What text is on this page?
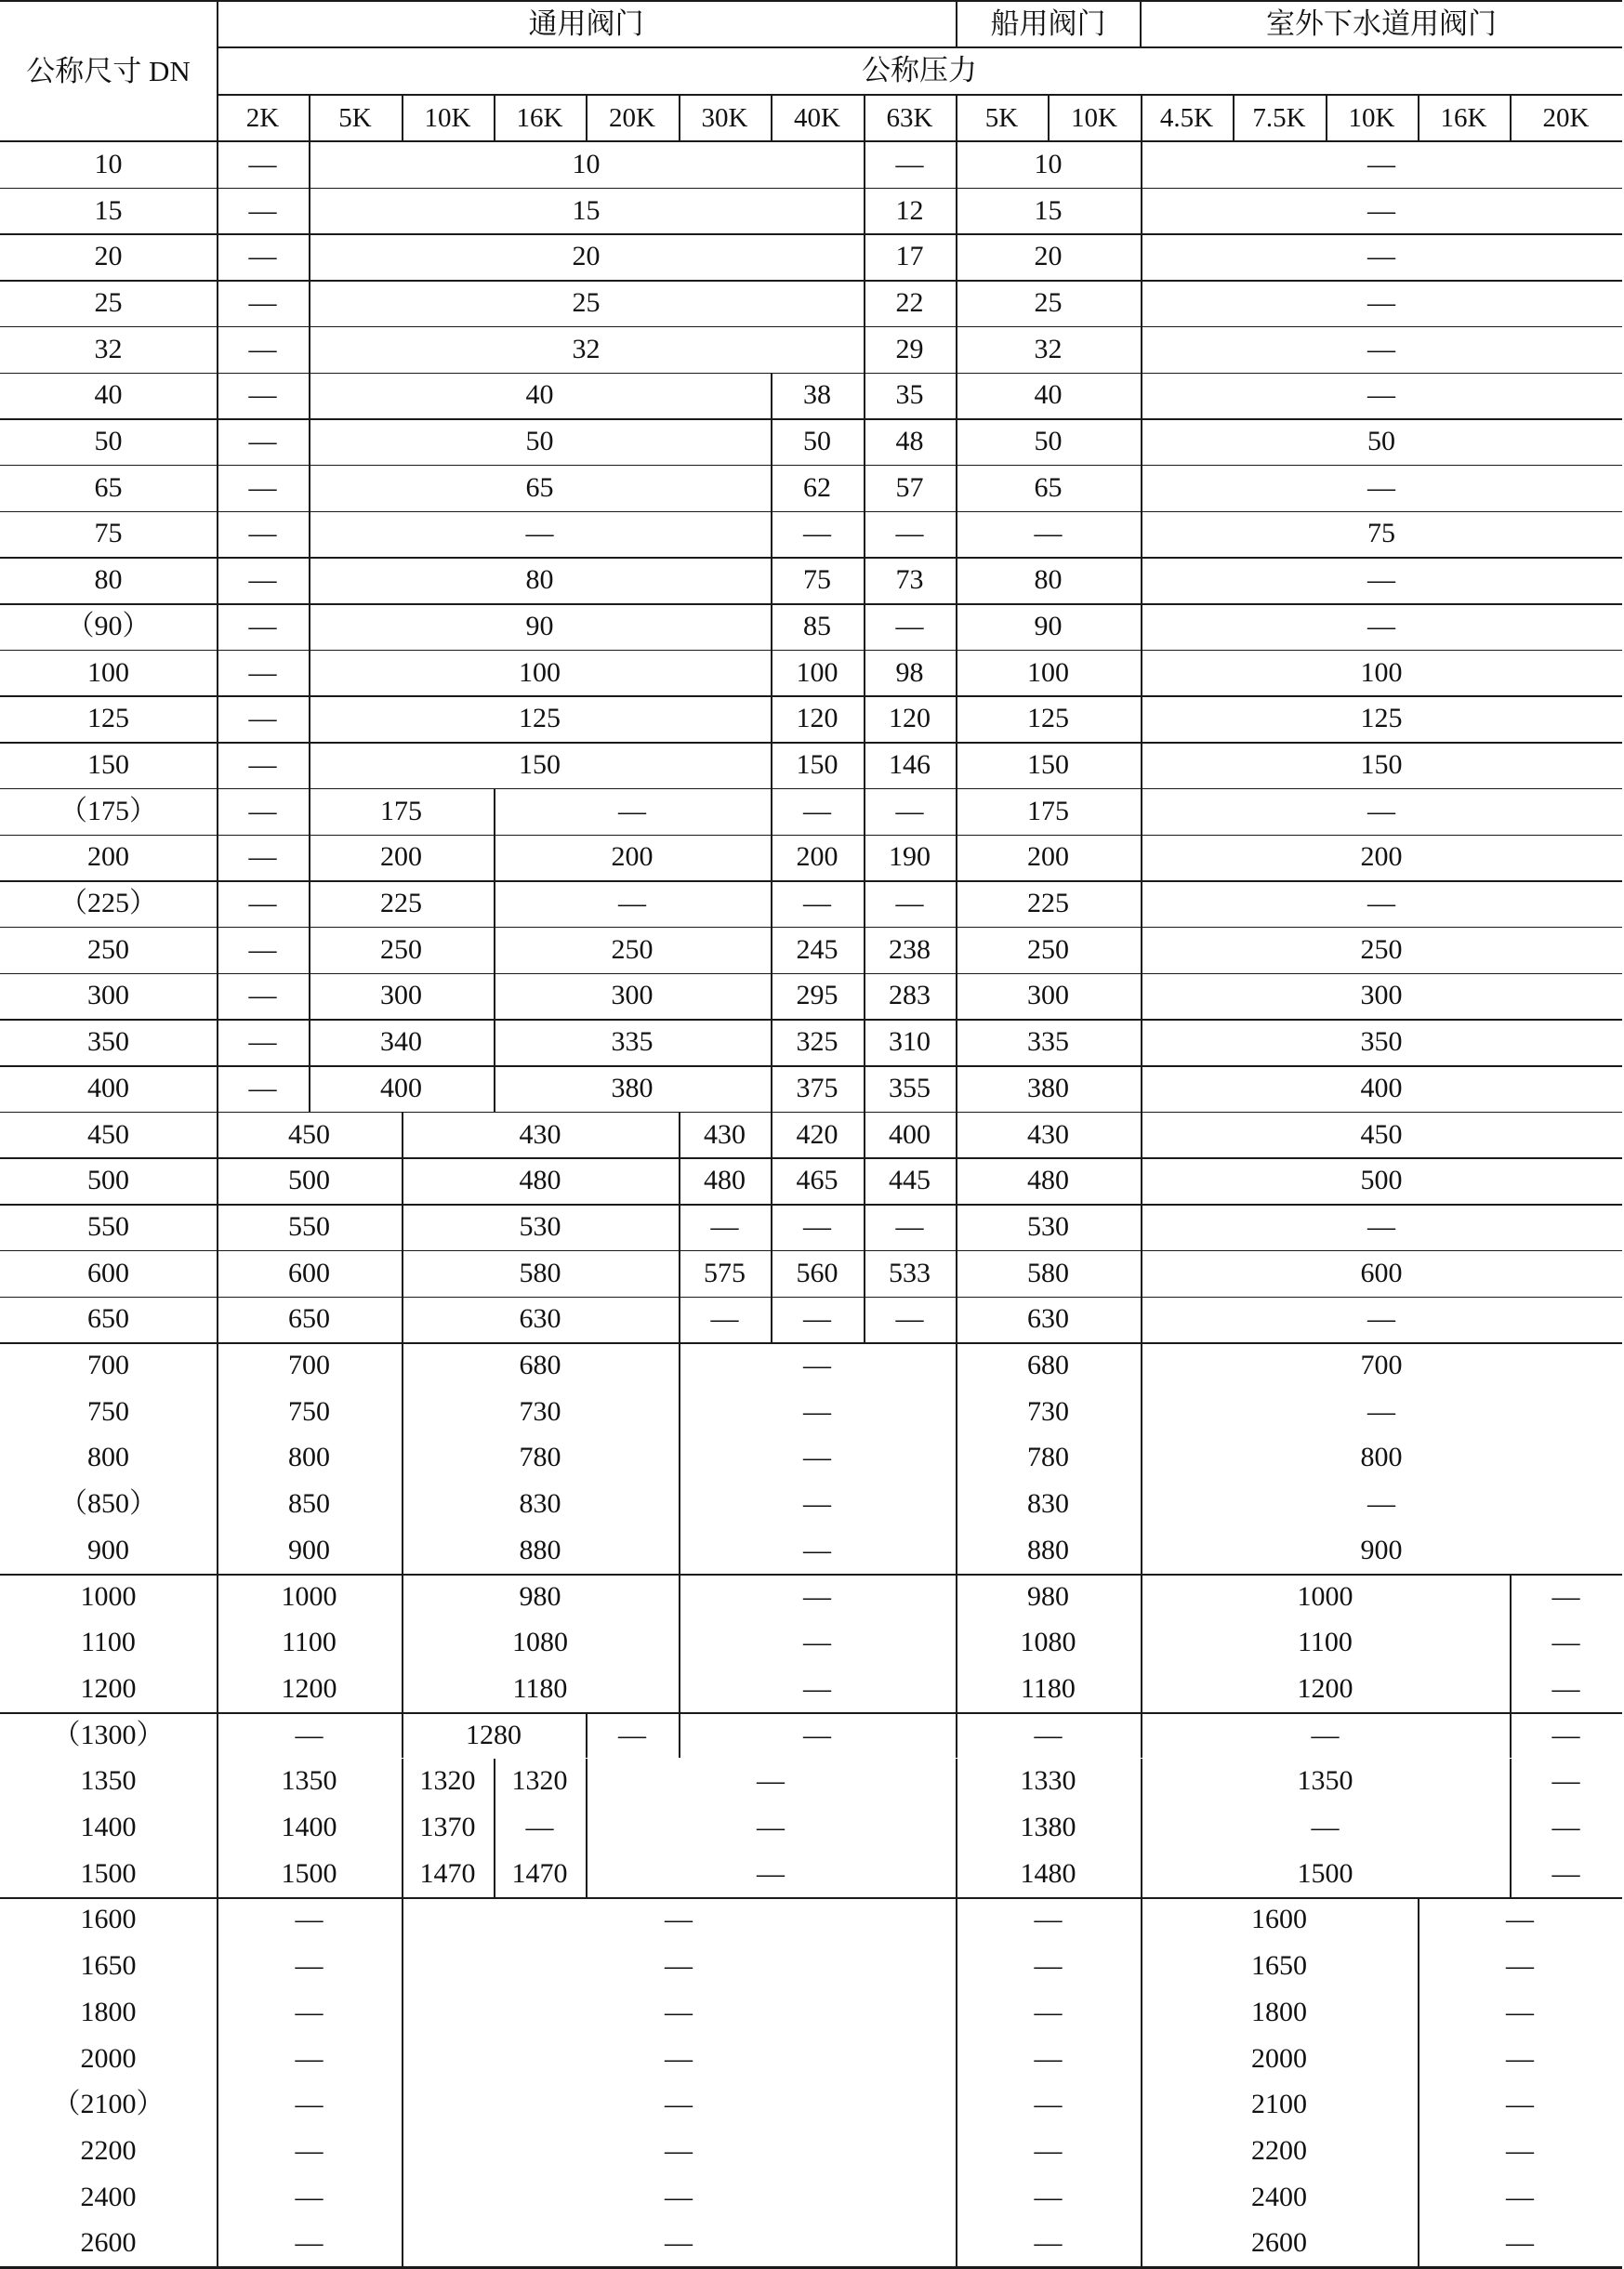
公称尺寸 DN
通用阀门	船用阀门	室外下水道用阀门
公称压力
2K	5K	10K	16K	20K	30K	40K	63K	5K	10K	4.5K	7.5K	10K	16K	20K
10	—	10	—	10	—
15	—	15	12	15	—
20	—	20	17	20	—
25	—	25	22	25	—
32	—	32	29	32	—
40	—	40	38	35	40	—
50	—	50	50	48	50	50
65	—	65	62	57	65	—
75	—	—	—	—	—	75
80	—	80	75	73	80	—
（90）	—	90	85	—	90	—
100	—	100	100	98	100	100
125	—	125	120	120	125	125
150	—	150	150	146	150	150
（175）	—	175	—	—	—	175	—
200	—	200	200	200	190	200	200
（225）	—	225	—	—	—	225	—
250	—	250	250	245	238	250	250
300	—	300	300	295	283	300	300
350	—	340	335	325	310	335	350
400	—	400	380	375	355	380	400
450	450	430	430	420	400	430	450
500	500	480	480	465	445	480	500
550	550	530	—	—	—	530	—
600	600	580	575	560	533	580	600
650	650	630	—	—	—	630	—
700	700	680	—	680	700
750	750	730	—	730	—
800	800	780	—	780	800
（850）	850	830	—	830	—
900	900	880	—	880	900
1000	1000	980	—	980	1000	—
1100	1100	1080	—	1080	1100	—
1200	1200	1180	—	1180	1200	—
（1300）	—	1280	—	—	—	—	—
1350	1350	1320	1320	—	1330	1350	—
1400	1400	1370	—	—	1380	—	—
1500	1500	1470	1470	—	1480	1500	—
1600	—	—	—	1600	—
1650	—	—	—	1650	—
1800	—	—	—	1800	—
2000	—	—	—	2000	—
（2100）	—	—	—	2100	—
2200	—	—	—	2200	—
2400	—	—	—	2400	—
2600	—	—	—	2600	—
